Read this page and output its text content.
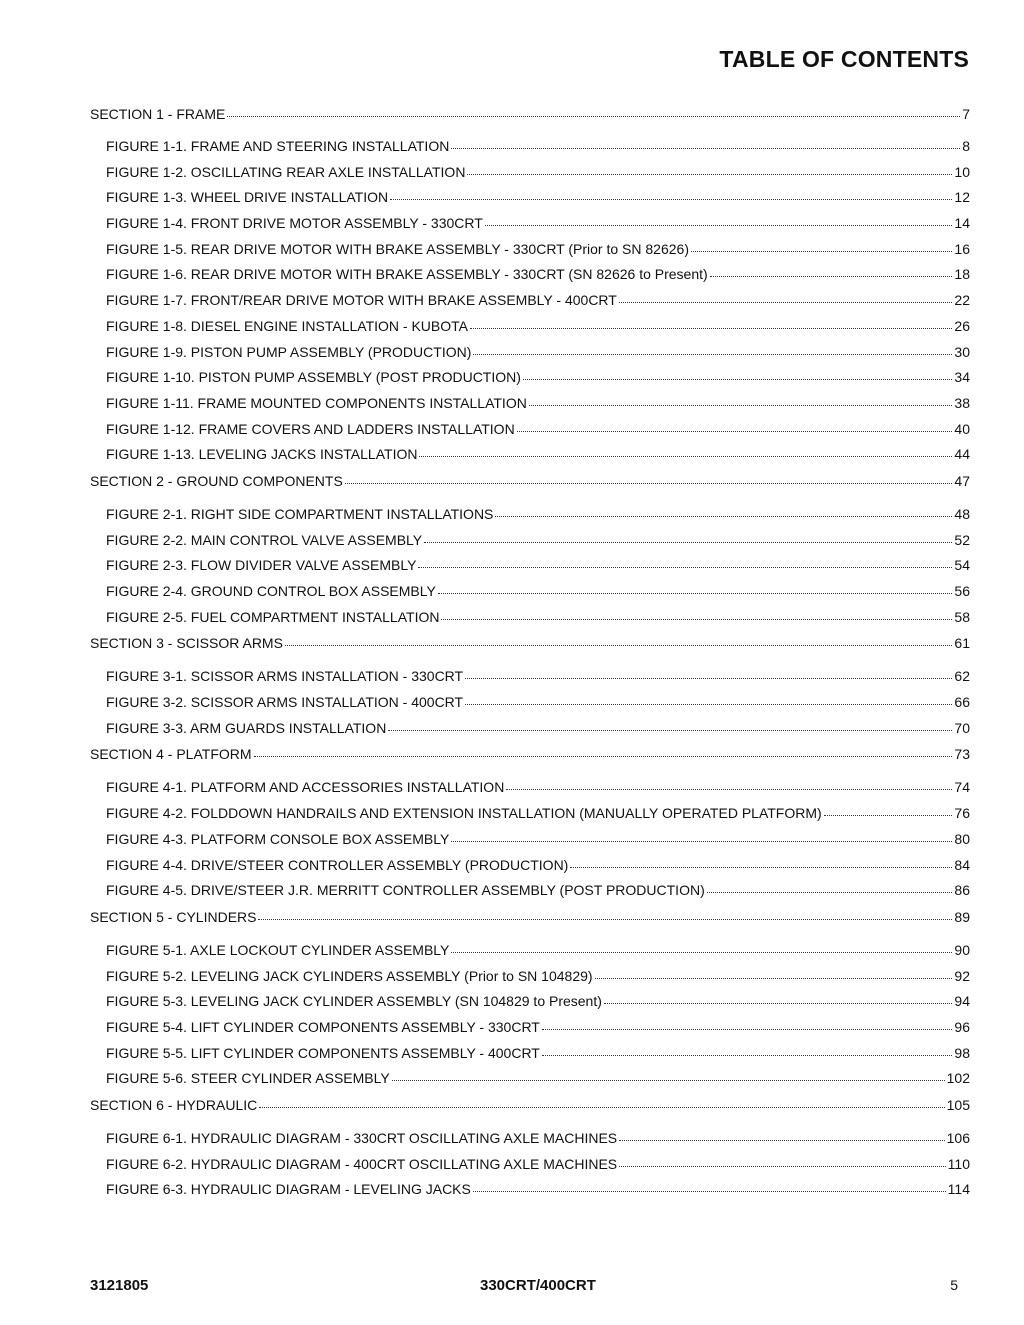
TABLE OF CONTENTS
SECTION 1 - FRAME	7
FIGURE 1-1. FRAME AND STEERING INSTALLATION	8
FIGURE 1-2. OSCILLATING REAR AXLE INSTALLATION	10
FIGURE 1-3. WHEEL DRIVE INSTALLATION	12
FIGURE 1-4. FRONT DRIVE MOTOR ASSEMBLY - 330CRT	14
FIGURE 1-5. REAR DRIVE MOTOR WITH BRAKE ASSEMBLY - 330CRT (Prior to SN 82626)	16
FIGURE 1-6. REAR DRIVE MOTOR WITH BRAKE ASSEMBLY - 330CRT (SN 82626 to Present)	18
FIGURE 1-7. FRONT/REAR DRIVE MOTOR WITH BRAKE ASSEMBLY - 400CRT	22
FIGURE 1-8. DIESEL ENGINE INSTALLATION - KUBOTA	26
FIGURE 1-9. PISTON PUMP ASSEMBLY (PRODUCTION)	30
FIGURE 1-10. PISTON PUMP ASSEMBLY (POST PRODUCTION)	34
FIGURE 1-11. FRAME MOUNTED COMPONENTS INSTALLATION	38
FIGURE 1-12. FRAME COVERS AND LADDERS INSTALLATION	40
FIGURE 1-13. LEVELING JACKS INSTALLATION	44
SECTION 2 - GROUND COMPONENTS	47
FIGURE 2-1. RIGHT SIDE COMPARTMENT INSTALLATIONS	48
FIGURE 2-2. MAIN CONTROL VALVE ASSEMBLY	52
FIGURE 2-3. FLOW DIVIDER VALVE ASSEMBLY	54
FIGURE 2-4. GROUND CONTROL BOX ASSEMBLY	56
FIGURE 2-5. FUEL COMPARTMENT INSTALLATION	58
SECTION 3 - SCISSOR ARMS	61
FIGURE 3-1. SCISSOR ARMS INSTALLATION - 330CRT	62
FIGURE 3-2. SCISSOR ARMS INSTALLATION - 400CRT	66
FIGURE 3-3. ARM GUARDS INSTALLATION	70
SECTION 4 - PLATFORM	73
FIGURE 4-1. PLATFORM AND ACCESSORIES INSTALLATION	74
FIGURE 4-2. FOLDDOWN HANDRAILS AND EXTENSION INSTALLATION (MANUALLY OPERATED PLATFORM)	76
FIGURE 4-3. PLATFORM CONSOLE BOX ASSEMBLY	80
FIGURE 4-4. DRIVE/STEER CONTROLLER ASSEMBLY (PRODUCTION)	84
FIGURE 4-5. DRIVE/STEER J.R. MERRITT CONTROLLER ASSEMBLY (POST PRODUCTION)	86
SECTION 5 - CYLINDERS	89
FIGURE 5-1. AXLE LOCKOUT CYLINDER ASSEMBLY	90
FIGURE 5-2. LEVELING JACK CYLINDERS ASSEMBLY (Prior to SN 104829)	92
FIGURE 5-3. LEVELING JACK CYLINDER ASSEMBLY (SN 104829 to Present)	94
FIGURE 5-4. LIFT CYLINDER COMPONENTS ASSEMBLY - 330CRT	96
FIGURE 5-5. LIFT CYLINDER COMPONENTS ASSEMBLY - 400CRT	98
FIGURE 5-6. STEER CYLINDER ASSEMBLY	102
SECTION 6 - HYDRAULIC	105
FIGURE 6-1. HYDRAULIC DIAGRAM - 330CRT OSCILLATING AXLE MACHINES	106
FIGURE 6-2. HYDRAULIC DIAGRAM - 400CRT OSCILLATING AXLE MACHINES	110
FIGURE 6-3. HYDRAULIC DIAGRAM - LEVELING JACKS	114
3121805	330CRT/400CRT	5
